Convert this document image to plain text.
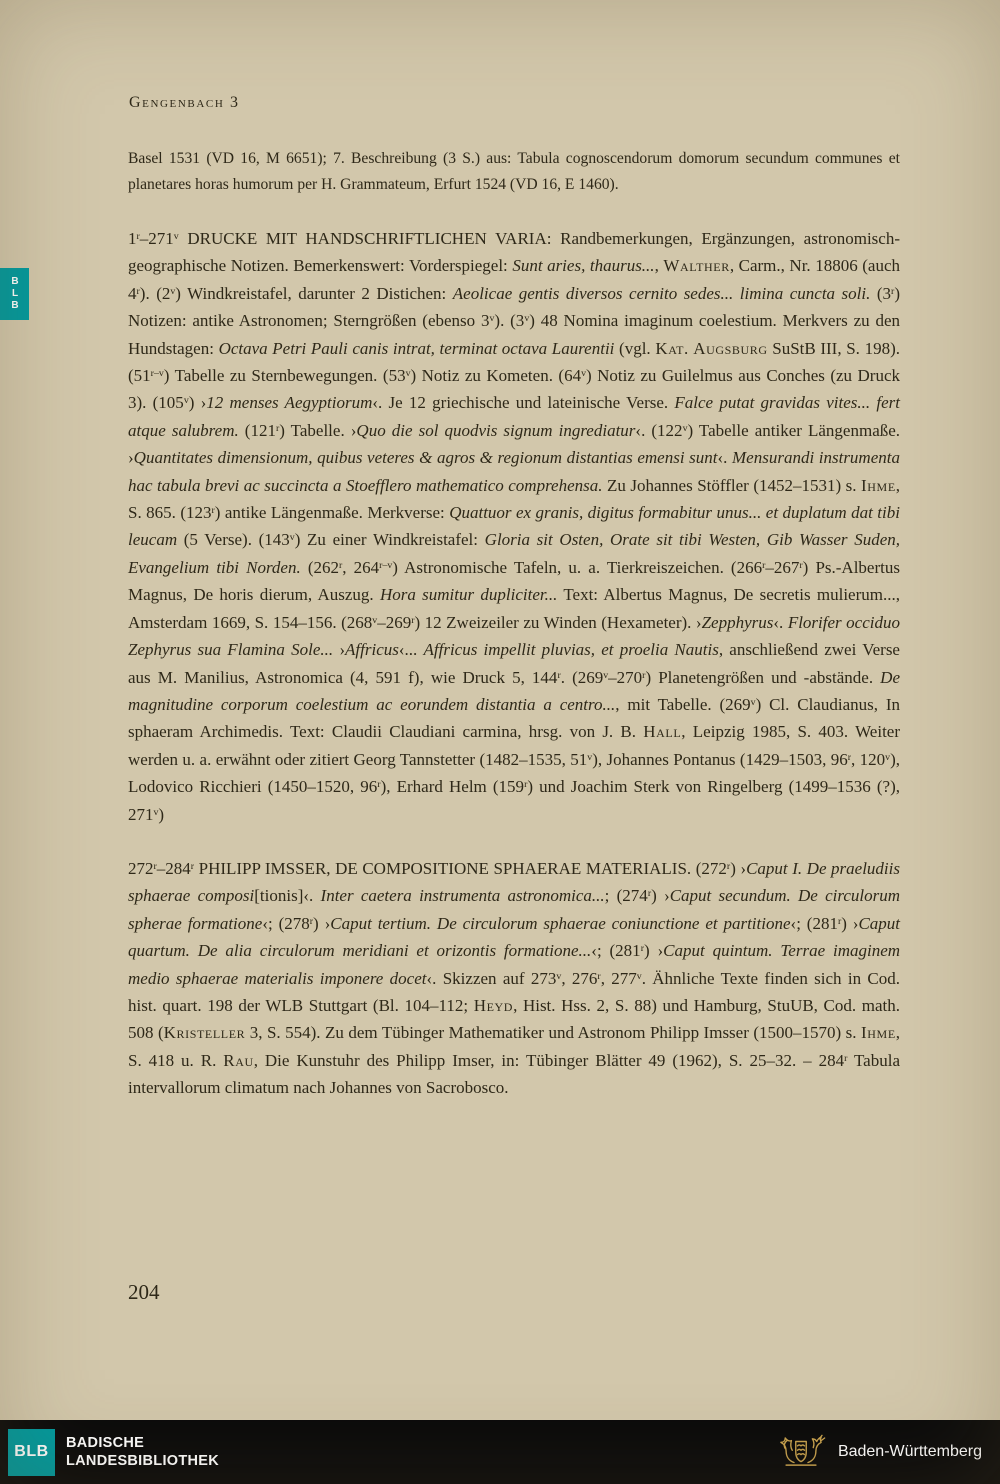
BLB
Gengenbach 3

Basel 1531 (VD 16, M 6651); 7. Beschreibung (3 S.) aus: Tabula cognoscendorum domorum secundum communes et planetares horas humorum per H. Grammateum, Erfurt 1524 (VD 16, E 1460).

1$^r$–271$^v$ DRUCKE MIT HANDSCHRIFTLICHEN VARIA: Randbemerkungen, Ergänzungen, astronomisch-geographische Notizen. Bemerkenswert: Vorderspiegel: Sunt aries, thaurus..., Walther, Carm., Nr. 18806 (auch 4$^r$). (2$^v$) Windkreistafel, darunter 2 Distichen: Aeolicae gentis diversos cernito sedes... limina cuncta soli. (3$^r$) Notizen: antike Astronomen; Sterngrößen (ebenso 3$^v$). (3$^v$) 48 Nomina imaginum coelestium. Merkvers zu den Hundstagen: Octava Petri Pauli canis intrat, terminat octava Laurentii (vgl. Kat. Augsburg SuStB III, S. 198). (51$^{r-v}$) Tabelle zu Sternbewegungen. (53$^v$) Notiz zu Kometen. (64$^v$) Notiz zu Guilelmus aus Conches (zu Druck 3). (105$^v$) ›12 menses Aegyptiorum‹. Je 12 griechische und lateinische Verse. Falce putat gravidas vites... fert atque salubrem. (121$^r$) Tabelle. ›Quo die sol quodvis signum ingrediatur‹. (122$^v$) Tabelle antiker Längenmaße. ›Quantitates dimensionum, quibus veteres & agros & regionum distantias emensi sunt‹. Mensurandi instrumenta hac tabula brevi ac succincta a Stoefflero mathematico comprehensa. Zu Johannes Stöffler (1452–1531) s. Ihme, S. 865. (123$^r$) antike Längenmaße. Merkverse: Quattuor ex granis, digitus formabitur unus... et duplatum dat tibi leucam (5 Verse). (143$^v$) Zu einer Windkreistafel: Gloria sit Osten, Orate sit tibi Westen, Gib Wasser Suden, Evangelium tibi Norden. (262$^r$, 264$^{r-v}$) Astronomische Tafeln, u. a. Tierkreiszeichen. (266$^r$–267$^r$) Ps.-Albertus Magnus, De horis dierum, Auszug. Hora sumitur dupliciter... Text: Albertus Magnus, De secretis mulierum..., Amsterdam 1669, S. 154–156. (268$^v$–269$^r$) 12 Zweizeiler zu Winden (Hexameter). ›Zepphyrus‹. Florifer occiduo Zephyrus sua Flamina Sole... ›Affricus‹... Affricus impellit pluvias, et proelia Nautis, anschließend zwei Verse aus M. Manilius, Astronomica (4, 591 f), wie Druck 5, 144$^r$. (269$^v$–270$^r$) Planetengrößen und -abstände. De magnitudine corporum coelestium ac eorundem distantia a centro..., mit Tabelle. (269$^v$) Cl. Claudianus, In sphaeram Archimedis. Text: Claudii Claudiani carmina, hrsg. von J. B. Hall, Leipzig 1985, S. 403. Weiter werden u. a. erwähnt oder zitiert Georg Tannstetter (1482–1535, 51$^v$), Johannes Pontanus (1429–1503, 96$^r$, 120$^v$), Lodovico Ricchieri (1450–1520, 96$^r$), Erhard Helm (159$^r$) und Joachim Sterk von Ringelberg (1499–1536 (?), 271$^v$)

272$^r$–284$^r$ PHILIPP IMSSER, DE COMPOSITIONE SPHAERAE MATERIALIS. (272$^r$) ›Caput I. De praeludiis sphaerae composi[tionis]‹. Inter caetera instrumenta astronomica...; (274$^r$) ›Caput secundum. De circulorum spherae formatione‹; (278$^r$) ›Caput tertium. De circulorum sphaerae coniunctione et partitione‹; (281$^r$) ›Caput quartum. De alia circulorum meridiani et orizontis formatione...‹; (281$^r$) ›Caput quintum. Terrae imaginem medio sphaerae materialis imponere docet‹. Skizzen auf 273$^v$, 276$^r$, 277$^v$. Ähnliche Texte finden sich in Cod. hist. quart. 198 der WLB Stuttgart (Bl. 104–112; Heyd, Hist. Hss. 2, S. 88) und Hamburg, StuUB, Cod. math. 508 (Kristeller 3, S. 554). Zu dem Tübinger Mathematiker und Astronom Philipp Imsser (1500–1570) s. Ihme, S. 418 u. R. Rau, Die Kunstuhr des Philipp Imser, in: Tübinger Blätter 49 (1962), S. 25–32. – 284$^r$ Tabula intervallorum climatum nach Johannes von Sacrobosco.

204
BLB BADISCHE
LANDESBIBLIOTHEK
Baden-Württemberg
